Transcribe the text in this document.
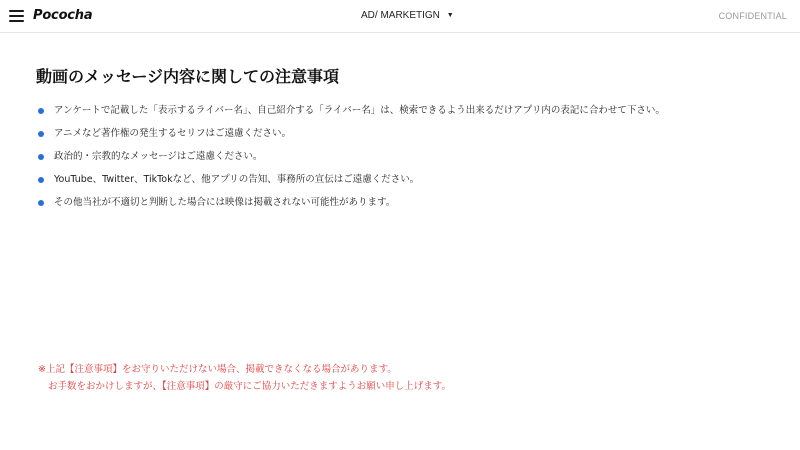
Pococha	AD/ MARKETIGN ▼	CONFIDENTIAL
動画のメッセージ内容に関しての注意事項
アンケートで記載した「表示するライバー名」、自己紹介する「ライバー名」は、検索できるよう出来るだけアプリ内の表記に合わせて下さい。
アニメなど著作権の発生するセリフはご遠慮ください。
政治的・宗教的なメッセージはご遠慮ください。
YouTube、Twitter、TikTokなど、他アプリの告知、事務所の宣伝はご遠慮ください。
その他当社が不適切と判断した場合には映像は掲載されない可能性があります。
※上記【注意事項】をお守りいただけない場合、掲載できなくなる場合があります。
お手数をおかけしますが、【注意事項】の厳守にご協力いただきますようお願い申し上げます。
